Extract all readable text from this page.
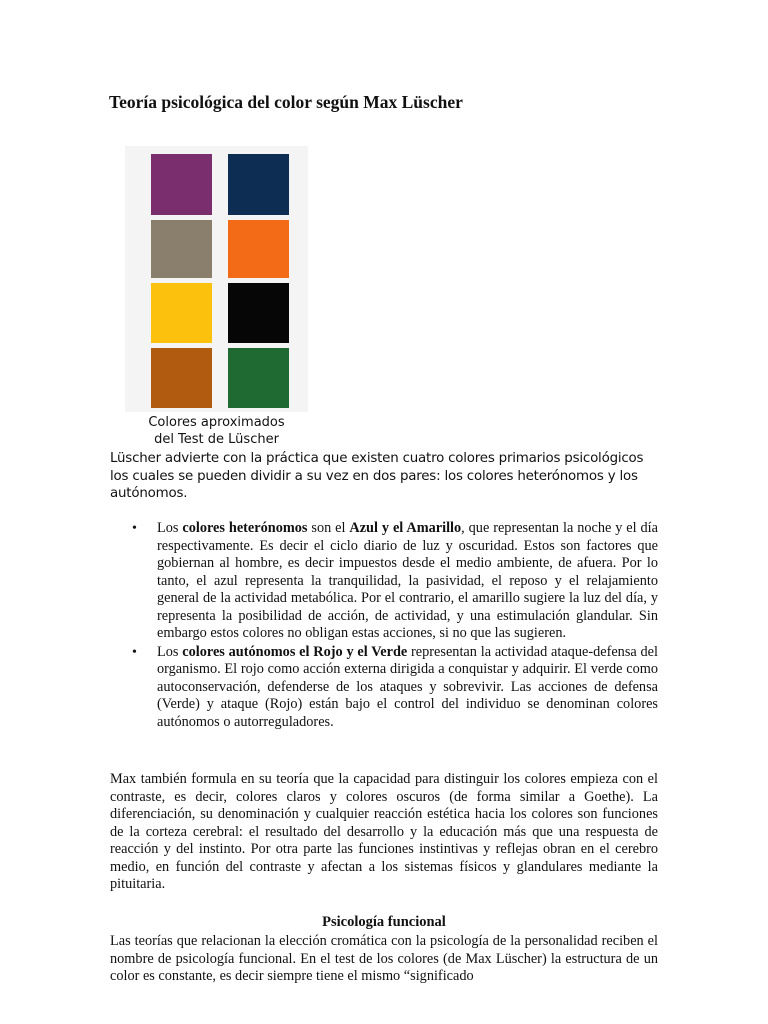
Teoría psicológica del color según Max Lüscher
Colores aproximados
del Test de Lüscher

Lüscher advierte con la práctica que existen cuatro colores primarios psicológicos los cuales se pueden dividir a su vez en dos pares: los colores heterónomos y los autónomos.

• Los colores heterónomos son el Azul y el Amarillo, que representan la noche y el día respectivamente. Es decir el ciclo diario de luz y oscuridad. Estos son factores que gobiernan al hombre, es decir impuestos desde el medio ambiente, de afuera. Por lo tanto, el azul representa la tranquilidad, la pasividad, el reposo y el relajamiento general de la actividad metabólica. Por el contrario, el amarillo sugiere la luz del día, y representa la posibilidad de acción, de actividad, y una estimulación glandular. Sin embargo estos colores no obligan estas acciones, si no que las sugieren.
• Los colores autónomos el Rojo y el Verde representan la actividad ataque-defensa del organismo. El rojo como acción externa dirigida a conquistar y adquirir. El verde como autoconservación, defenderse de los ataques y sobrevivir. Las acciones de defensa (Verde) y ataque (Rojo) están bajo el control del individuo se denominan colores autónomos o autorreguladores.

Max también formula en su teoría que la capacidad para distinguir los colores empieza con el contraste, es decir, colores claros y colores oscuros (de forma similar a Goethe). La diferenciación, su denominación y cualquier reacción estética hacia los colores son funciones de la corteza cerebral: el resultado del desarrollo y la educación más que una respuesta de reacción y del instinto. Por otra parte las funciones instintivas y reflejas obran en el cerebro medio, en función del contraste y afectan a los sistemas físicos y glandulares mediante la pituitaria.

Psicología funcional

Las teorías que relacionan la elección cromática con la psicología de la personalidad reciben el nombre de psicología funcional. En el test de los colores (de Max Lüscher) la estructura de un color es constante, es decir siempre tiene el mismo “significado
